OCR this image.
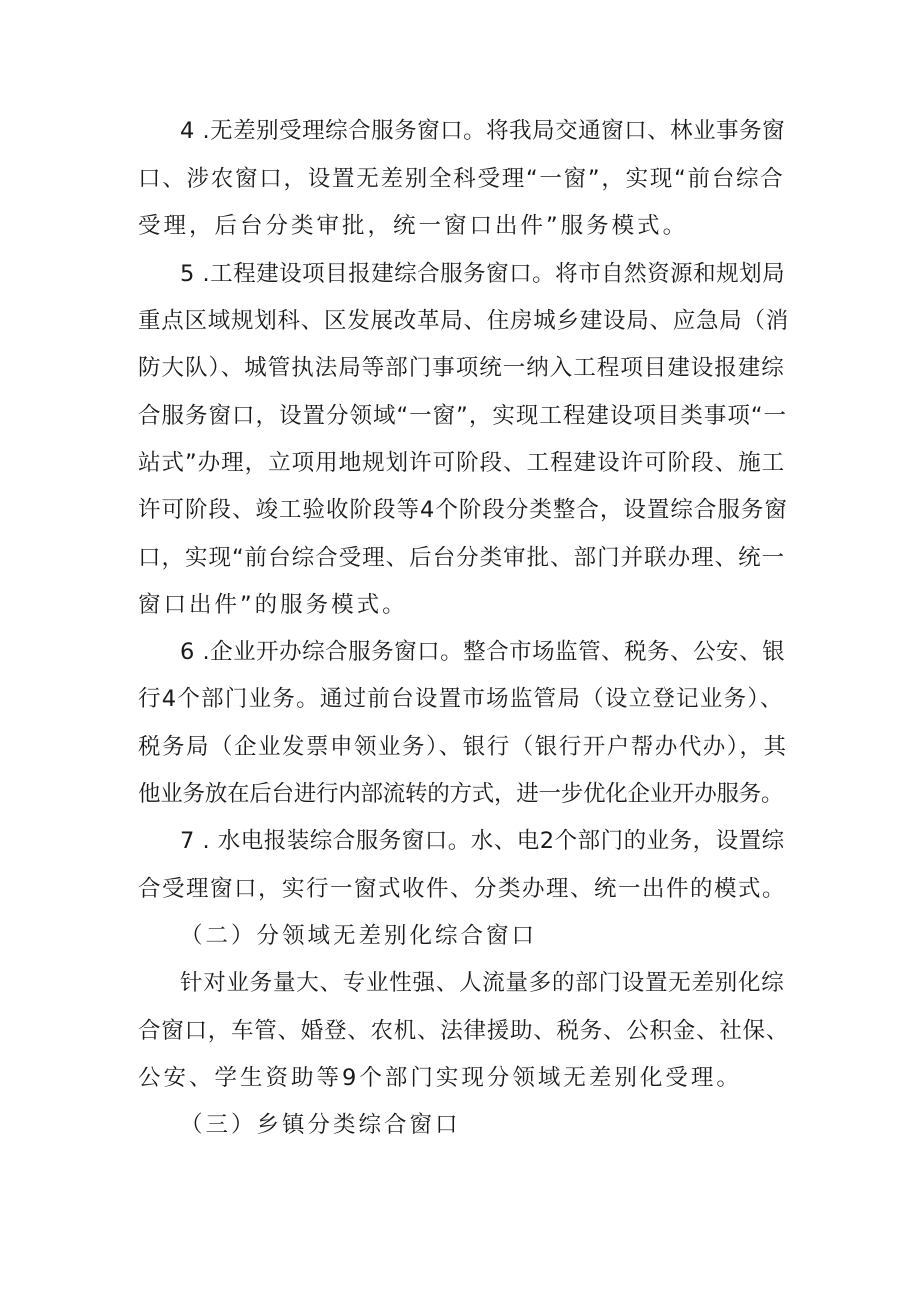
4 .无差别受理综合服务窗口。将我局交通窗口、林业事务窗
口、涉农窗口，设置无差别全科受理“一窗”，实现“前台综合
受理，后台分类审批，统一窗口出件”服务模式。
5 .工程建设项目报建综合服务窗口。将市自然资源和规划局
重点区域规划科、区发展改革局、住房城乡建设局、应急局（消
防大队）、城管执法局等部门事项统一纳入工程项目建设报建综
合服务窗口，设置分领域“一窗”，实现工程建设项目类事项“一
站式”办理，立项用地规划许可阶段、工程建设许可阶段、施工
许可阶段、竣工验收阶段等4个阶段分类整合，设置综合服务窗
口，实现“前台综合受理、后台分类审批、部门并联办理、统一
窗口出件”的服务模式。
6 .企业开办综合服务窗口。整合市场监管、税务、公安、银
行4个部门业务。通过前台设置市场监管局（设立登记业务）、
税务局（企业发票申领业务）、银行（银行开户帮办代办），其
他业务放在后台进行内部流转的方式，进一步优化企业开办服务。
7 . 水电报装综合服务窗口。水、电2个部门的业务，设置综
合受理窗口，实行一窗式收件、分类办理、统一出件的模式。
（二）分领域无差别化综合窗口
针对业务量大、专业性强、人流量多的部门设置无差别化综
合窗口，车管、婚登、农机、法律援助、税务、公积金、社保、
公安、学生资助等9个部门实现分领域无差别化受理。
（三）乡镇分类综合窗口
